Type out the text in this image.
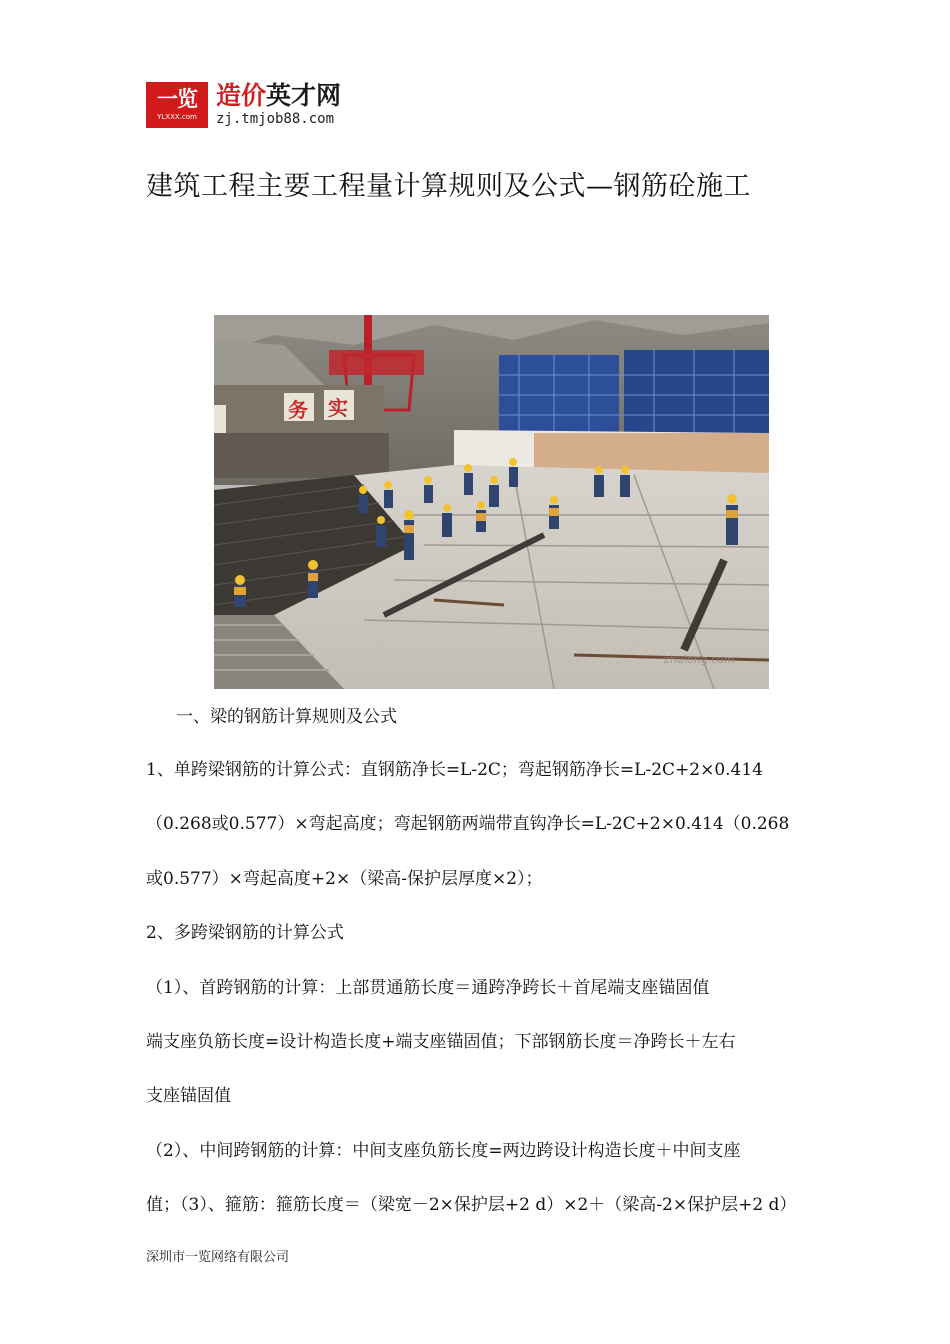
一览
YLXXX.com
造价英才网
zj.tmjob88.com
建筑工程主要工程量计算规则及公式—钢筋砼施工
务 实
zhulong.com

一、梁的钢筋计算规则及公式

1、单跨梁钢筋的计算公式：直钢筋净长=L-2C；弯起钢筋净长=L-2C+2×0.414

（0.268或0.577）×弯起高度；弯起钢筋两端带直钩净长=L-2C+2×0.414（0.268

或0.577）×弯起高度+2×（梁高-保护层厚度×2）；

2、多跨梁钢筋的计算公式

（1）、首跨钢筋的计算：上部贯通筋长度＝通跨净跨长＋首尾端支座锚固值

端支座负筋长度=设计构造长度+端支座锚固值；下部钢筋长度＝净跨长＋左右

支座锚固值

（2）、中间跨钢筋的计算：中间支座负筋长度=两边跨设计构造长度＋中间支座

值；（3）、箍筋：箍筋长度＝（梁宽－2×保护层+2 d）×2＋（梁高-2×保护层+2 d）

深圳市一览网络有限公司
